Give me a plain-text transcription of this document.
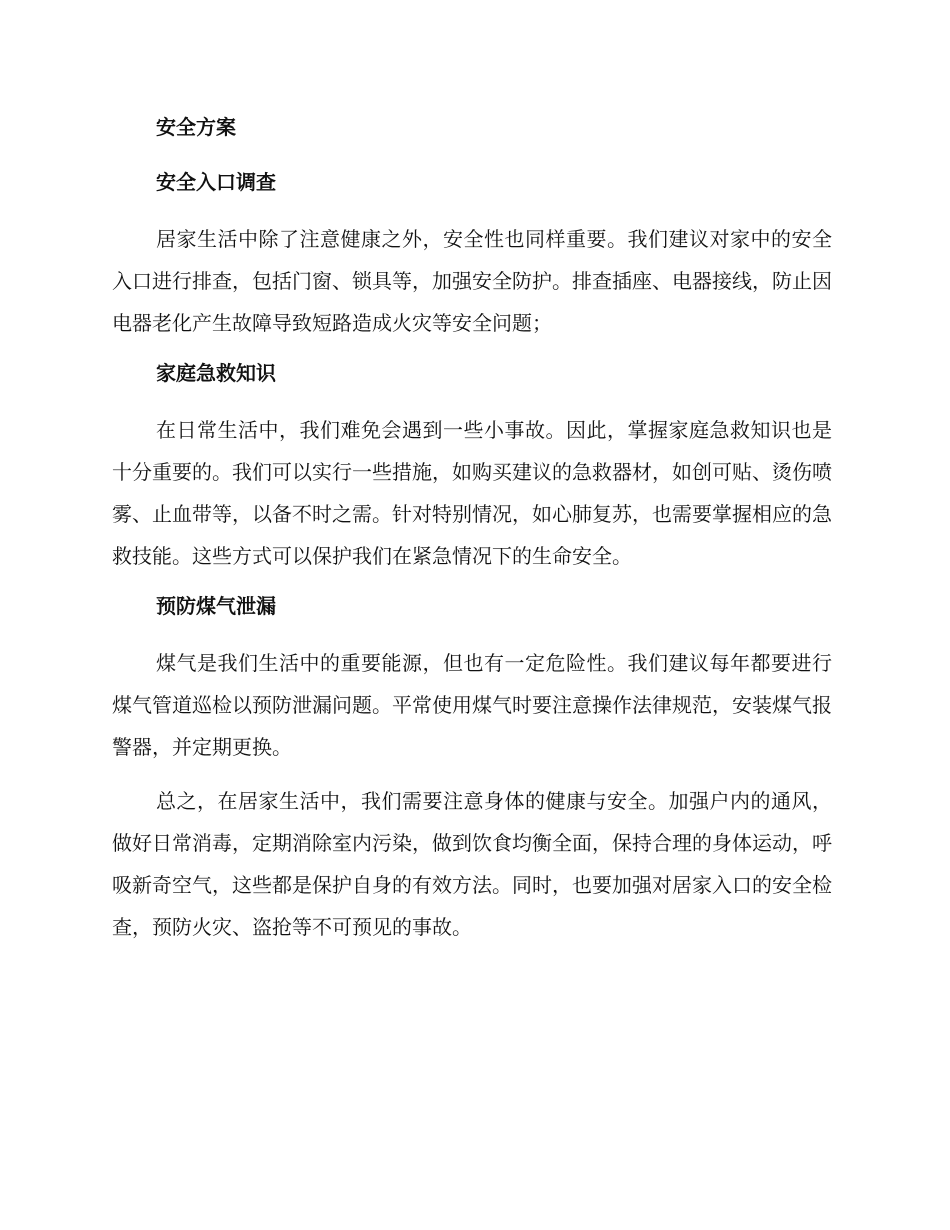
安全方案
安全入口调查

居家生活中除了注意健康之外，安全性也同样重要。我们建议对家中的安全入口进行排查，包括门窗、锁具等，加强安全防护。排查插座、电器接线，防止因电器老化产生故障导致短路造成火灾等安全问题；

家庭急救知识

在日常生活中，我们难免会遇到一些小事故。因此，掌握家庭急救知识也是十分重要的。我们可以实行一些措施，如购买建议的急救器材，如创可贴、烫伤喷雾、止血带等，以备不时之需。针对特别情况，如心肺复苏，也需要掌握相应的急救技能。这些方式可以保护我们在紧急情况下的生命安全。

预防煤气泄漏

煤气是我们生活中的重要能源，但也有一定危险性。我们建议每年都要进行煤气管道巡检以预防泄漏问题。平常使用煤气时要注意操作法律规范，安装煤气报警器，并定期更换。

总之，在居家生活中，我们需要注意身体的健康与安全。加强户内的通风，做好日常消毒，定期消除室内污染，做到饮食均衡全面，保持合理的身体运动，呼吸新奇空气，这些都是保护自身的有效方法。同时，也要加强对居家入口的安全检查，预防火灾、盗抢等不可预见的事故。
